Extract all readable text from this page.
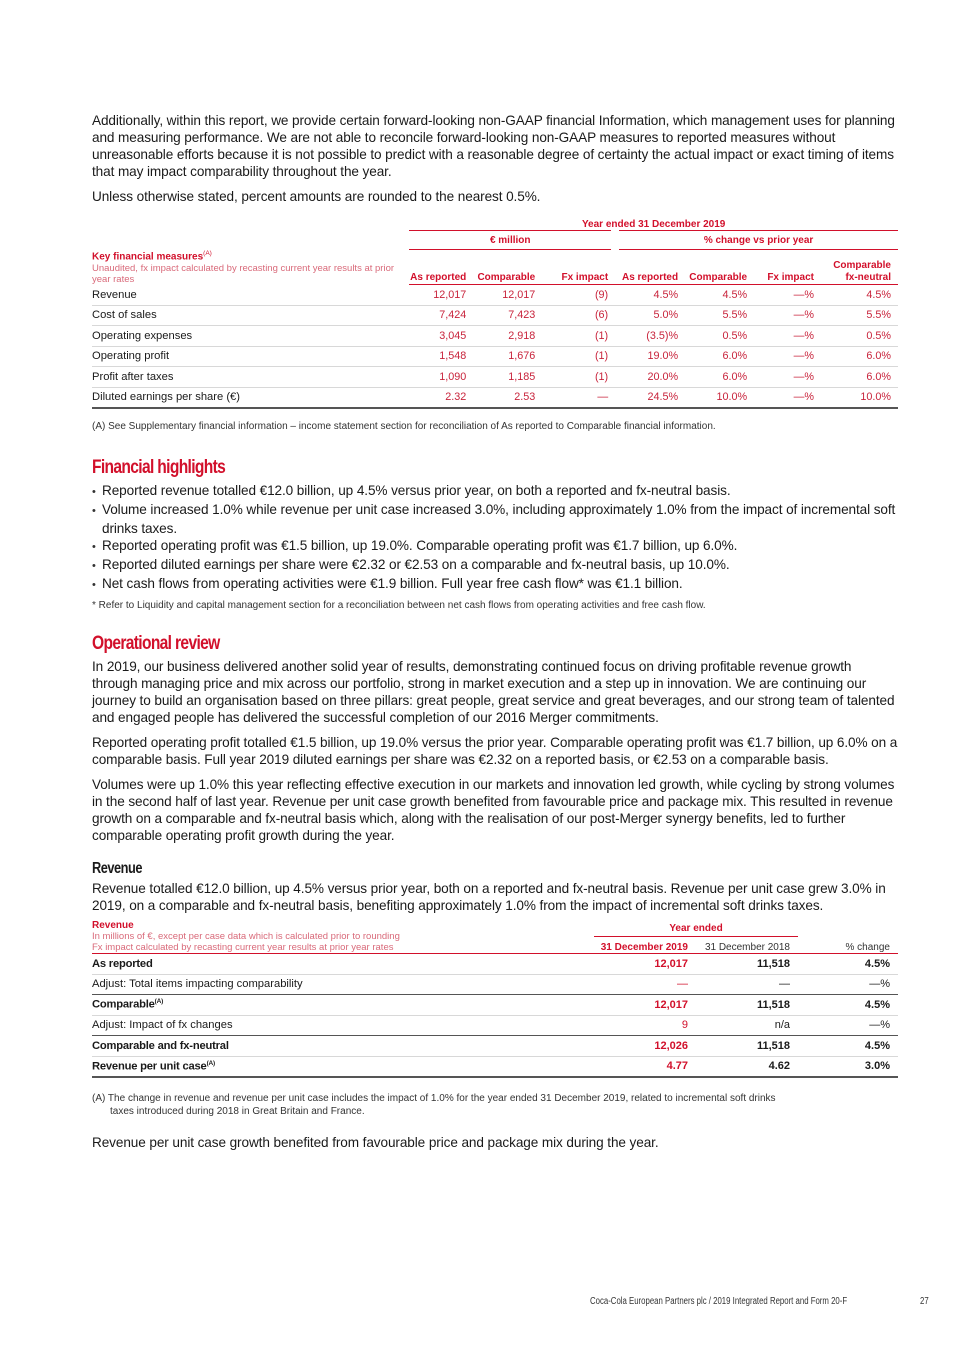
Additionally, within this report, we provide certain forward-looking non-GAAP financial Information, which management uses for planning and measuring performance. We are not able to reconcile forward-looking non-GAAP measures to reported measures without unreasonable efforts because it is not possible to predict with a reasonable degree of certainty the actual impact or exact timing of items that may impact comparability throughout the year.

Unless otherwise stated, percent amounts are rounded to the nearest 0.5%.

	Year ended 31 December 2019						
Key financial measures$^{(A)}$
Unaudited, fx impact calculated by recasting current year results at prior year rates	€ million			% change vs prior year			
	As reported	Comparable	Fx impact	As reported	Comparable	Fx impact	Comparable fx-neutral
Revenue	12,017	12,017	(9)	4.5%	4.5%	—%	4.5%
Cost of sales	7,424	7,423	(6)	5.0%	5.5%	—%	5.5%
Operating expenses	3,045	2,918	(1)	(3.5)%	0.5%	—%	0.5%
Operating profit	1,548	1,676	(1)	19.0%	6.0%	—%	6.0%
Profit after taxes	1,090	1,185	(1)	20.0%	6.0%	—%	6.0%
Diluted earnings per share (€)	2.32	2.53	—	24.5%	10.0%	—%	10.0%

(A) See Supplementary financial information – income statement section for reconciliation of As reported to Comparable financial information.

Financial highlights
• Reported revenue totalled €12.0 billion, up 4.5% versus prior year, on both a reported and fx-neutral basis.
• Volume increased 1.0% while revenue per unit case increased 3.0%, including approximately 1.0% from the impact of incremental soft drinks taxes.
• Reported operating profit was €1.5 billion, up 19.0%. Comparable operating profit was €1.7 billion, up 6.0%.
• Reported diluted earnings per share were €2.32 or €2.53 on a comparable and fx-neutral basis, up 10.0%.
• Net cash flows from operating activities were €1.9 billion. Full year free cash flow* was €1.1 billion.

* Refer to Liquidity and capital management section for a reconciliation between net cash flows from operating activities and free cash flow.

Operational review

In 2019, our business delivered another solid year of results, demonstrating continued focus on driving profitable revenue growth through managing price and mix across our portfolio, strong in market execution and a step up in innovation. We are continuing our journey to build an organisation based on three pillars: great people, great service and great beverages, and our strong team of talented and engaged people has delivered the successful completion of our 2016 Merger commitments.

Reported operating profit totalled €1.5 billion, up 19.0% versus the prior year. Comparable operating profit was €1.7 billion, up 6.0% on a comparable basis. Full year 2019 diluted earnings per share was €2.32 on a reported basis, or €2.53 on a comparable basis.

Volumes were up 1.0% this year reflecting effective execution in our markets and innovation led growth, while cycling by strong volumes in the second half of last year. Revenue per unit case growth benefited from favourable price and package mix. This resulted in revenue growth on a comparable and fx-neutral basis which, along with the realisation of our post-Merger synergy benefits, led to further comparable operating profit growth during the year.

Revenue

Revenue totalled €12.0 billion, up 4.5% versus prior year, both on a reported and fx-neutral basis. Revenue per unit case grew 3.0% in 2019, on a comparable and fx-neutral basis, benefiting approximately 1.0% from the impact of incremental soft drinks taxes.

Revenue
In millions of €, except per case data which is calculated prior to rounding
Fx impact calculated by recasting current year results at prior year rates	Year ended		
	31 December 2019	31 December 2018	% change

As reported	12,017	11,518	4.5%
Adjust: Total items impacting comparability	—	—	—%
Comparable$^{(A)}$	12,017	11,518	4.5%
Adjust: Impact of fx changes	9	n/a	—%
Comparable and fx-neutral	12,026	11,518	4.5%
Revenue per unit case$^{(A)}$	4.77	4.62	3.0%
(A) The change in revenue and revenue per unit case includes the impact of 1.0% for the year ended 31 December 2019, related to incremental soft drinks
taxes introduced during 2018 in Great Britain and France.

Revenue per unit case growth benefited from favourable price and package mix during the year.

Coca-Cola European Partners plc / 2019 Integrated Report and Form 20-F	27
